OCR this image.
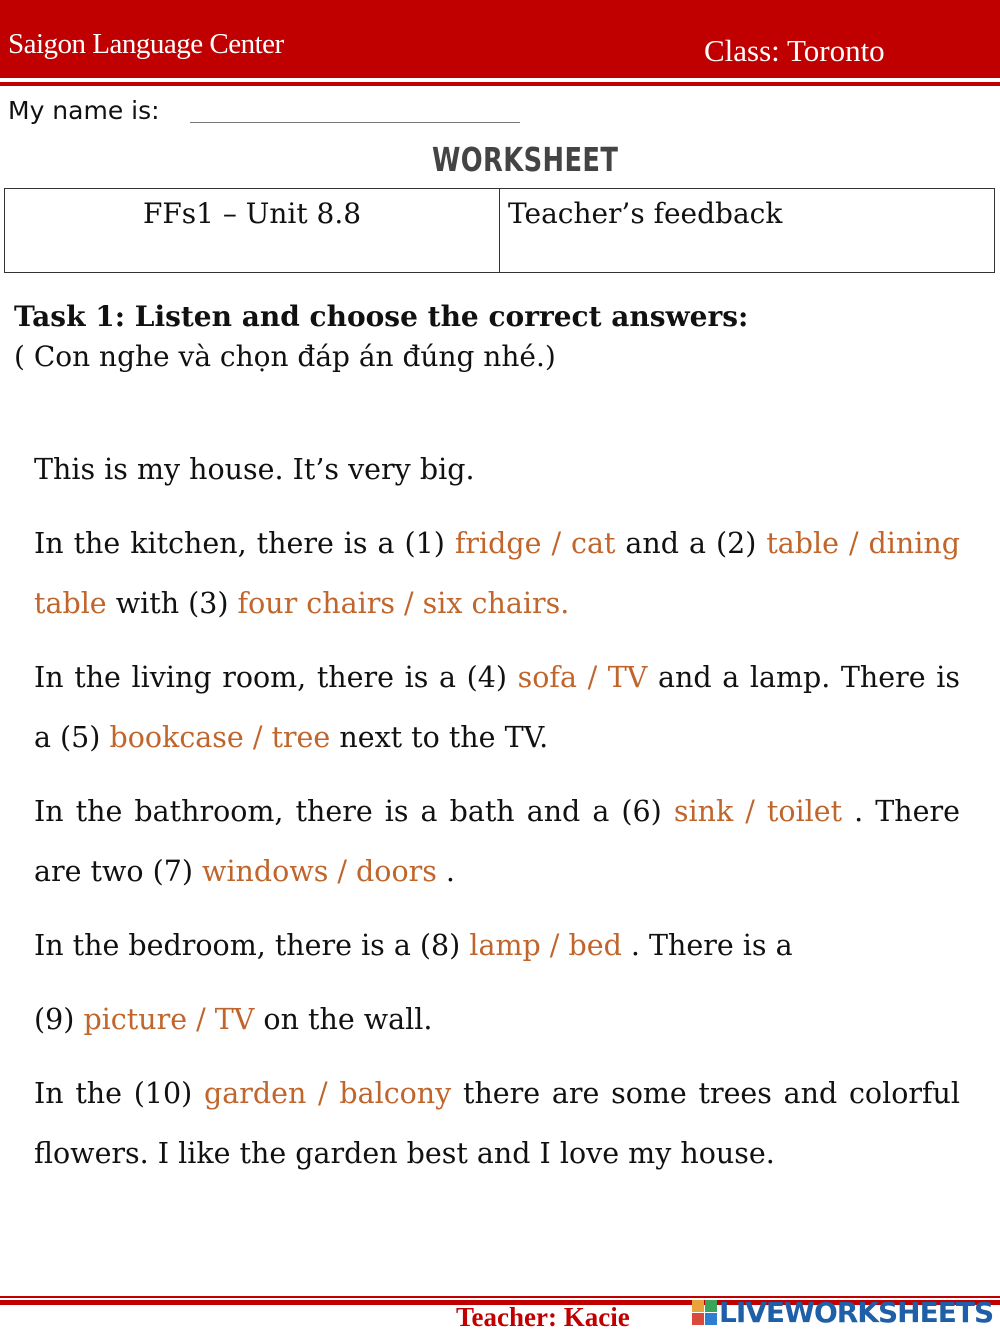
Saigon Language Center	Class: Toronto
My name is:
WORKSHEET
FFs1 – Unit 8.8	Teacher’s feedback
Task 1: Listen and choose the correct answers:
( Con nghe và chọn đáp án đúng nhé.)

This is my house. It’s very big.

In the kitchen, there is a (1) fridge / cat and a (2) table / dining table with (3) four chairs / six chairs.

In the living room, there is a (4) sofa / TV and a lamp. There is a (5) bookcase / tree next to the TV.

In the bathroom, there is a bath and a (6) sink / toilet . There are two (7) windows / doors .

In the bedroom, there is a (8) lamp / bed . There is a

(9) picture / TV on the wall.

In the (10) garden / balcony there are some trees and colorful flowers. I like the garden best and I love my house.

Teacher: Kacie	LIVEWORKSHEETS
